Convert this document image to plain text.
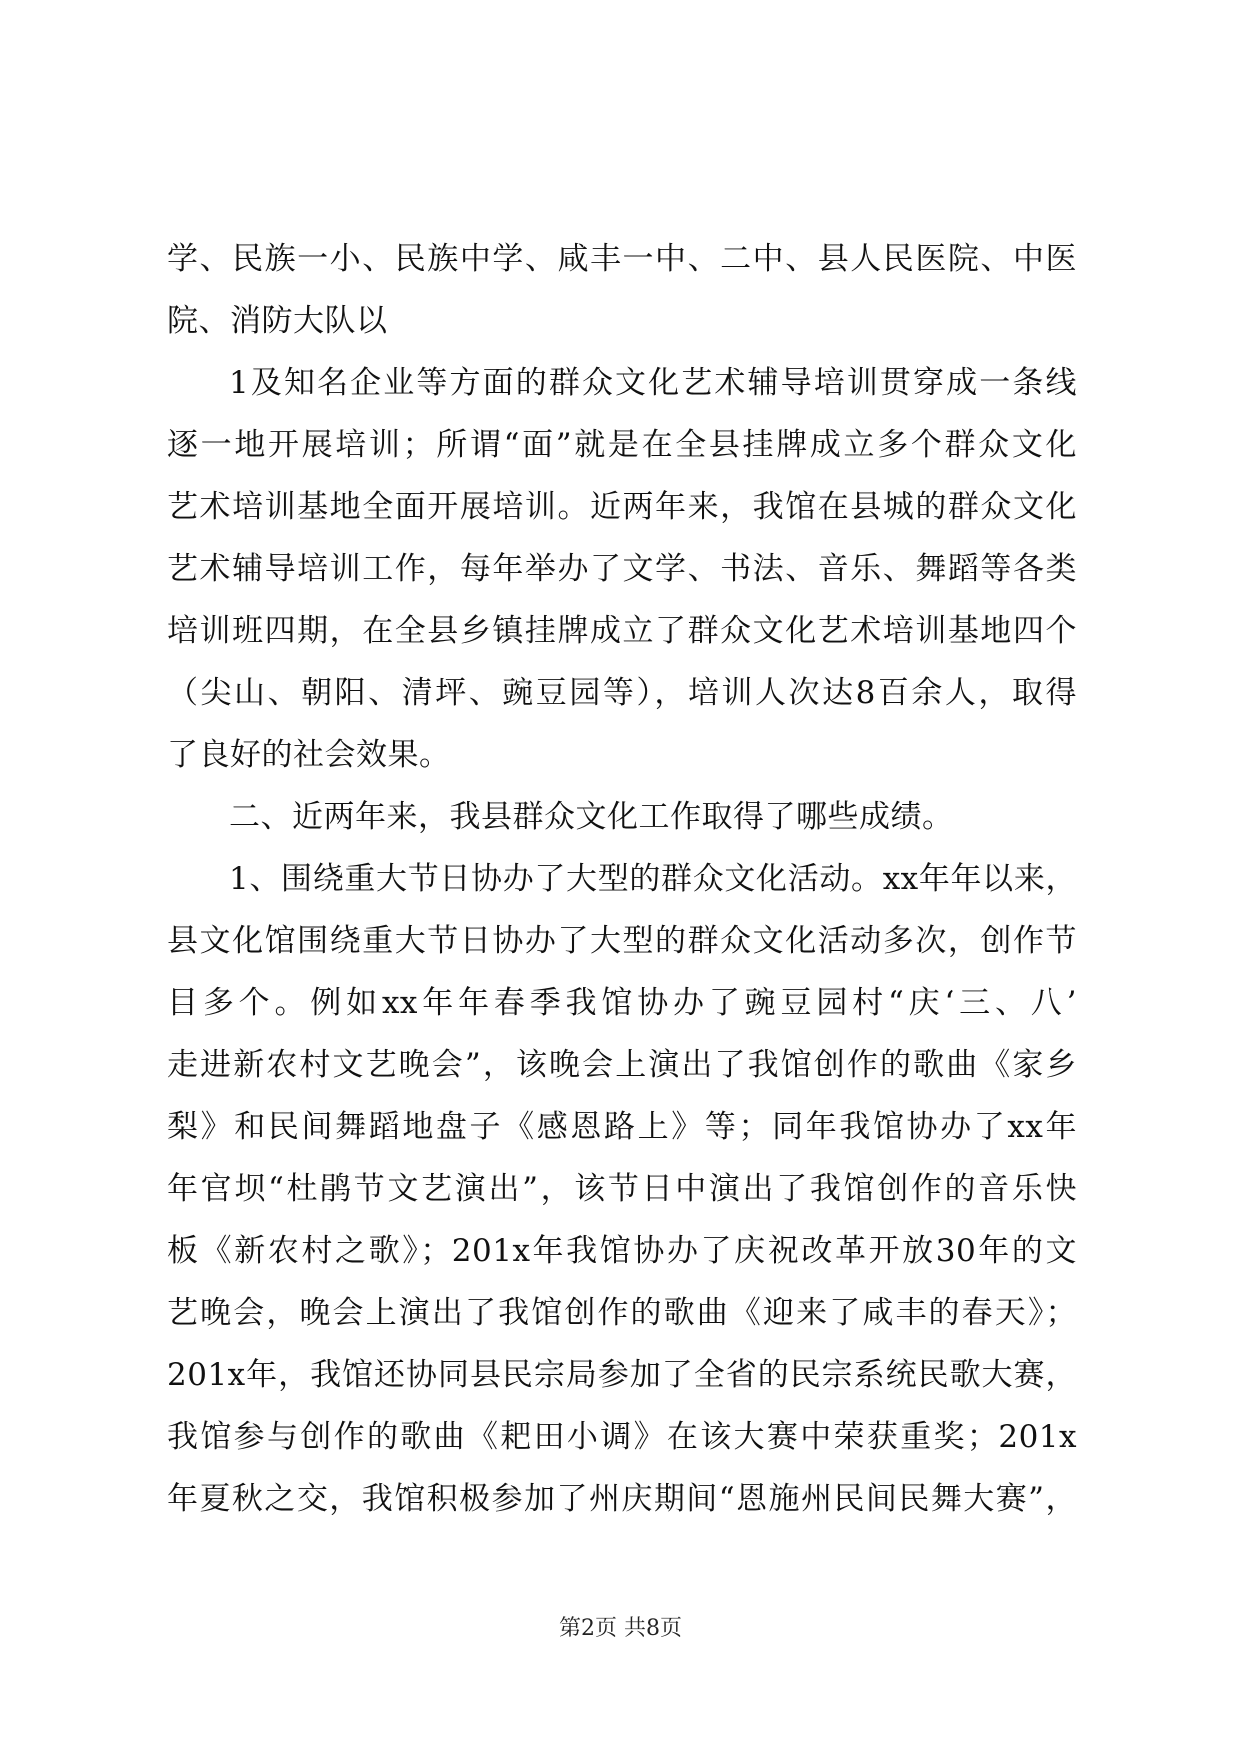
学、民族一小、民族中学、咸丰一中、二中、县人民医院、中医
院、消防大队以
1及知名企业等方面的群众文化艺术辅导培训贯穿成一条线
逐一地开展培训；所谓“面”就是在全县挂牌成立多个群众文化
艺术培训基地全面开展培训。近两年来，我馆在县城的群众文化
艺术辅导培训工作，每年举办了文学、书法、音乐、舞蹈等各类
培训班四期，在全县乡镇挂牌成立了群众文化艺术培训基地四个
（尖山、朝阳、清坪、豌豆园等），培训人次达8百余人，取得
了良好的社会效果。
二、近两年来，我县群众文化工作取得了哪些成绩。
1、围绕重大节日协办了大型的群众文化活动。xx年年以来，
县文化馆围绕重大节日协办了大型的群众文化活动多次，创作节
目多个。例如xx年年春季我馆协办了豌豆园村“庆‘三、八’
走进新农村文艺晚会”，该晚会上演出了我馆创作的歌曲《家乡
梨》和民间舞蹈地盘子《感恩路上》等；同年我馆协办了xx年
年官坝“杜鹃节文艺演出”，该节日中演出了我馆创作的音乐快
板《新农村之歌》；201x年我馆协办了庆祝改革开放30年的文
艺晚会，晚会上演出了我馆创作的歌曲《迎来了咸丰的春天》；
201x年，我馆还协同县民宗局参加了全省的民宗系统民歌大赛，
我馆参与创作的歌曲《耙田小调》在该大赛中荣获重奖；201x
年夏秋之交，我馆积极参加了州庆期间“恩施州民间民舞大赛”，
第2页 共8页
